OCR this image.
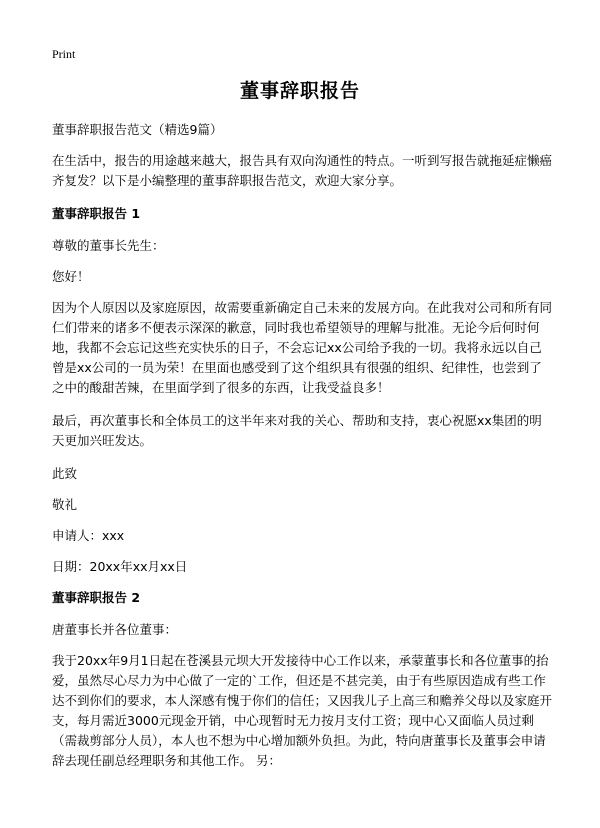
Print
董事辞职报告

董事辞职报告范文（精选9篇）

在生活中，报告的用途越来越大，报告具有双向沟通性的特点。一听到写报告就拖延症懒癌齐复发？以下是小编整理的董事辞职报告范文，欢迎大家分享。

董事辞职报告 1

尊敬的董事长先生：

您好！

因为个人原因以及家庭原因，故需要重新确定自己未来的发展方向。在此我对公司和所有同仁们带来的诸多不便表示深深的歉意，同时我也希望领导的理解与批准。无论今后何时何地，我都不会忘记这些充实快乐的日子，不会忘记xx公司给予我的一切。我将永远以自己曾是xx公司的一员为荣！在里面也感受到了这个组织具有很强的组织、纪律性，也尝到了之中的酸甜苦辣，在里面学到了很多的东西，让我受益良多！

最后，再次董事长和全体员工的这半年来对我的关心、帮助和支持，衷心祝愿xx集团的明天更加兴旺发达。

此致

敬礼

申请人：xxx

日期：20xx年xx月xx日

董事辞职报告 2

唐董事长并各位董事：

我于20xx年9月1日起在苍溪县元坝大开发接待中心工作以来，承蒙董事长和各位董事的抬爱，虽然尽心尽力为中心做了一定的`工作，但还是不甚完美，由于有些原因造成有些工作达不到你们的要求，本人深感有愧于你们的信任；又因我儿子上高三和赡养父母以及家庭开支，每月需近3000元现金开销，中心现暂时无力按月支付工资；现中心又面临人员过剩（需裁剪部分人员），本人也不想为中心增加额外负担。为此，特向唐董事长及董事会申请辞去现任副总经理职务和其他工作。 另：
